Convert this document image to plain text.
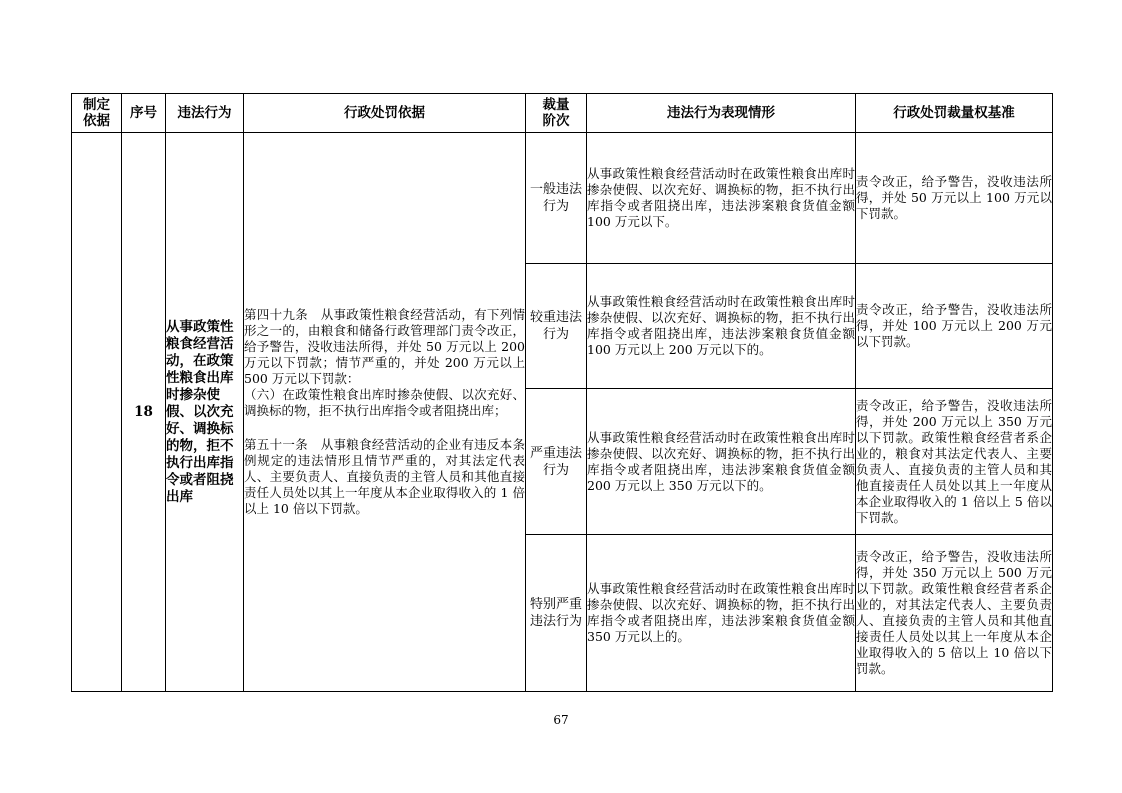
制定依据	序号	违法行为	行政处罚依据	裁量阶次	违法行为表现情形	行政处罚裁量权基准
	18	从事政策性粮食经营活动，在政策性粮食出库时掺杂使假、以次充好、调换标的物，拒不执行出库指令或者阻挠出库	第四十九条　从事政策性粮食经营活动，有下列情形之一的，由粮食和储备行政管理部门责令改正，给予警告，没收违法所得，并处 50 万元以上 200 万元以下罚款；情节严重的，并处 200 万元以上 500 万元以下罚款：

（六）在政策性粮食出库时掺杂使假、以次充好、调换标的物，拒不执行出库指令或者阻挠出库；

第五十一条　从事粮食经营活动的企业有违反本条例规定的违法情形且情节严重的，对其法定代表人、主要负责人、直接负责的主管人员和其他直接责任人员处以其上一年度从本企业取得收入的 1 倍以上 10 倍以下罚款。	一般违法行为	从事政策性粮食经营活动时在政策性粮食出库时掺杂使假、以次充好、调换标的物，拒不执行出库指令或者阻挠出库，违法涉案粮食货值金额 100 万元以下。	责令改正，给予警告，没收违法所得，并处 50 万元以上 100 万元以下罚款。
				较重违法行为	从事政策性粮食经营活动时在政策性粮食出库时掺杂使假、以次充好、调换标的物，拒不执行出库指令或者阻挠出库，违法涉案粮食货值金额 100 万元以上 200 万元以下的。	责令改正，给予警告，没收违法所得，并处 100 万元以上 200 万元以下罚款。
				严重违法行为	从事政策性粮食经营活动时在政策性粮食出库时掺杂使假、以次充好、调换标的物，拒不执行出库指令或者阻挠出库，违法涉案粮食货值金额 200 万元以上 350 万元以下的。	责令改正，给予警告，没收违法所得，并处 200 万元以上 350 万元以下罚款。政策性粮食经营者系企业的，粮食对其法定代表人、主要负责人、直接负责的主管人员和其他直接责任人员处以其上一年度从本企业取得收入的 1 倍以上 5 倍以下罚款。
				特别严重违法行为	从事政策性粮食经营活动时在政策性粮食出库时掺杂使假、以次充好、调换标的物，拒不执行出库指令或者阻挠出库，违法涉案粮食货值金额 350 万元以上的。	责令改正，给予警告，没收违法所得，并处 350 万元以上 500 万元以下罚款。政策性粮食经营者系企业的，对其法定代表人、主要负责人、直接负责的主管人员和其他直接责任人员处以其上一年度从本企业取得收入的 5 倍以上 10 倍以下罚款。
67
